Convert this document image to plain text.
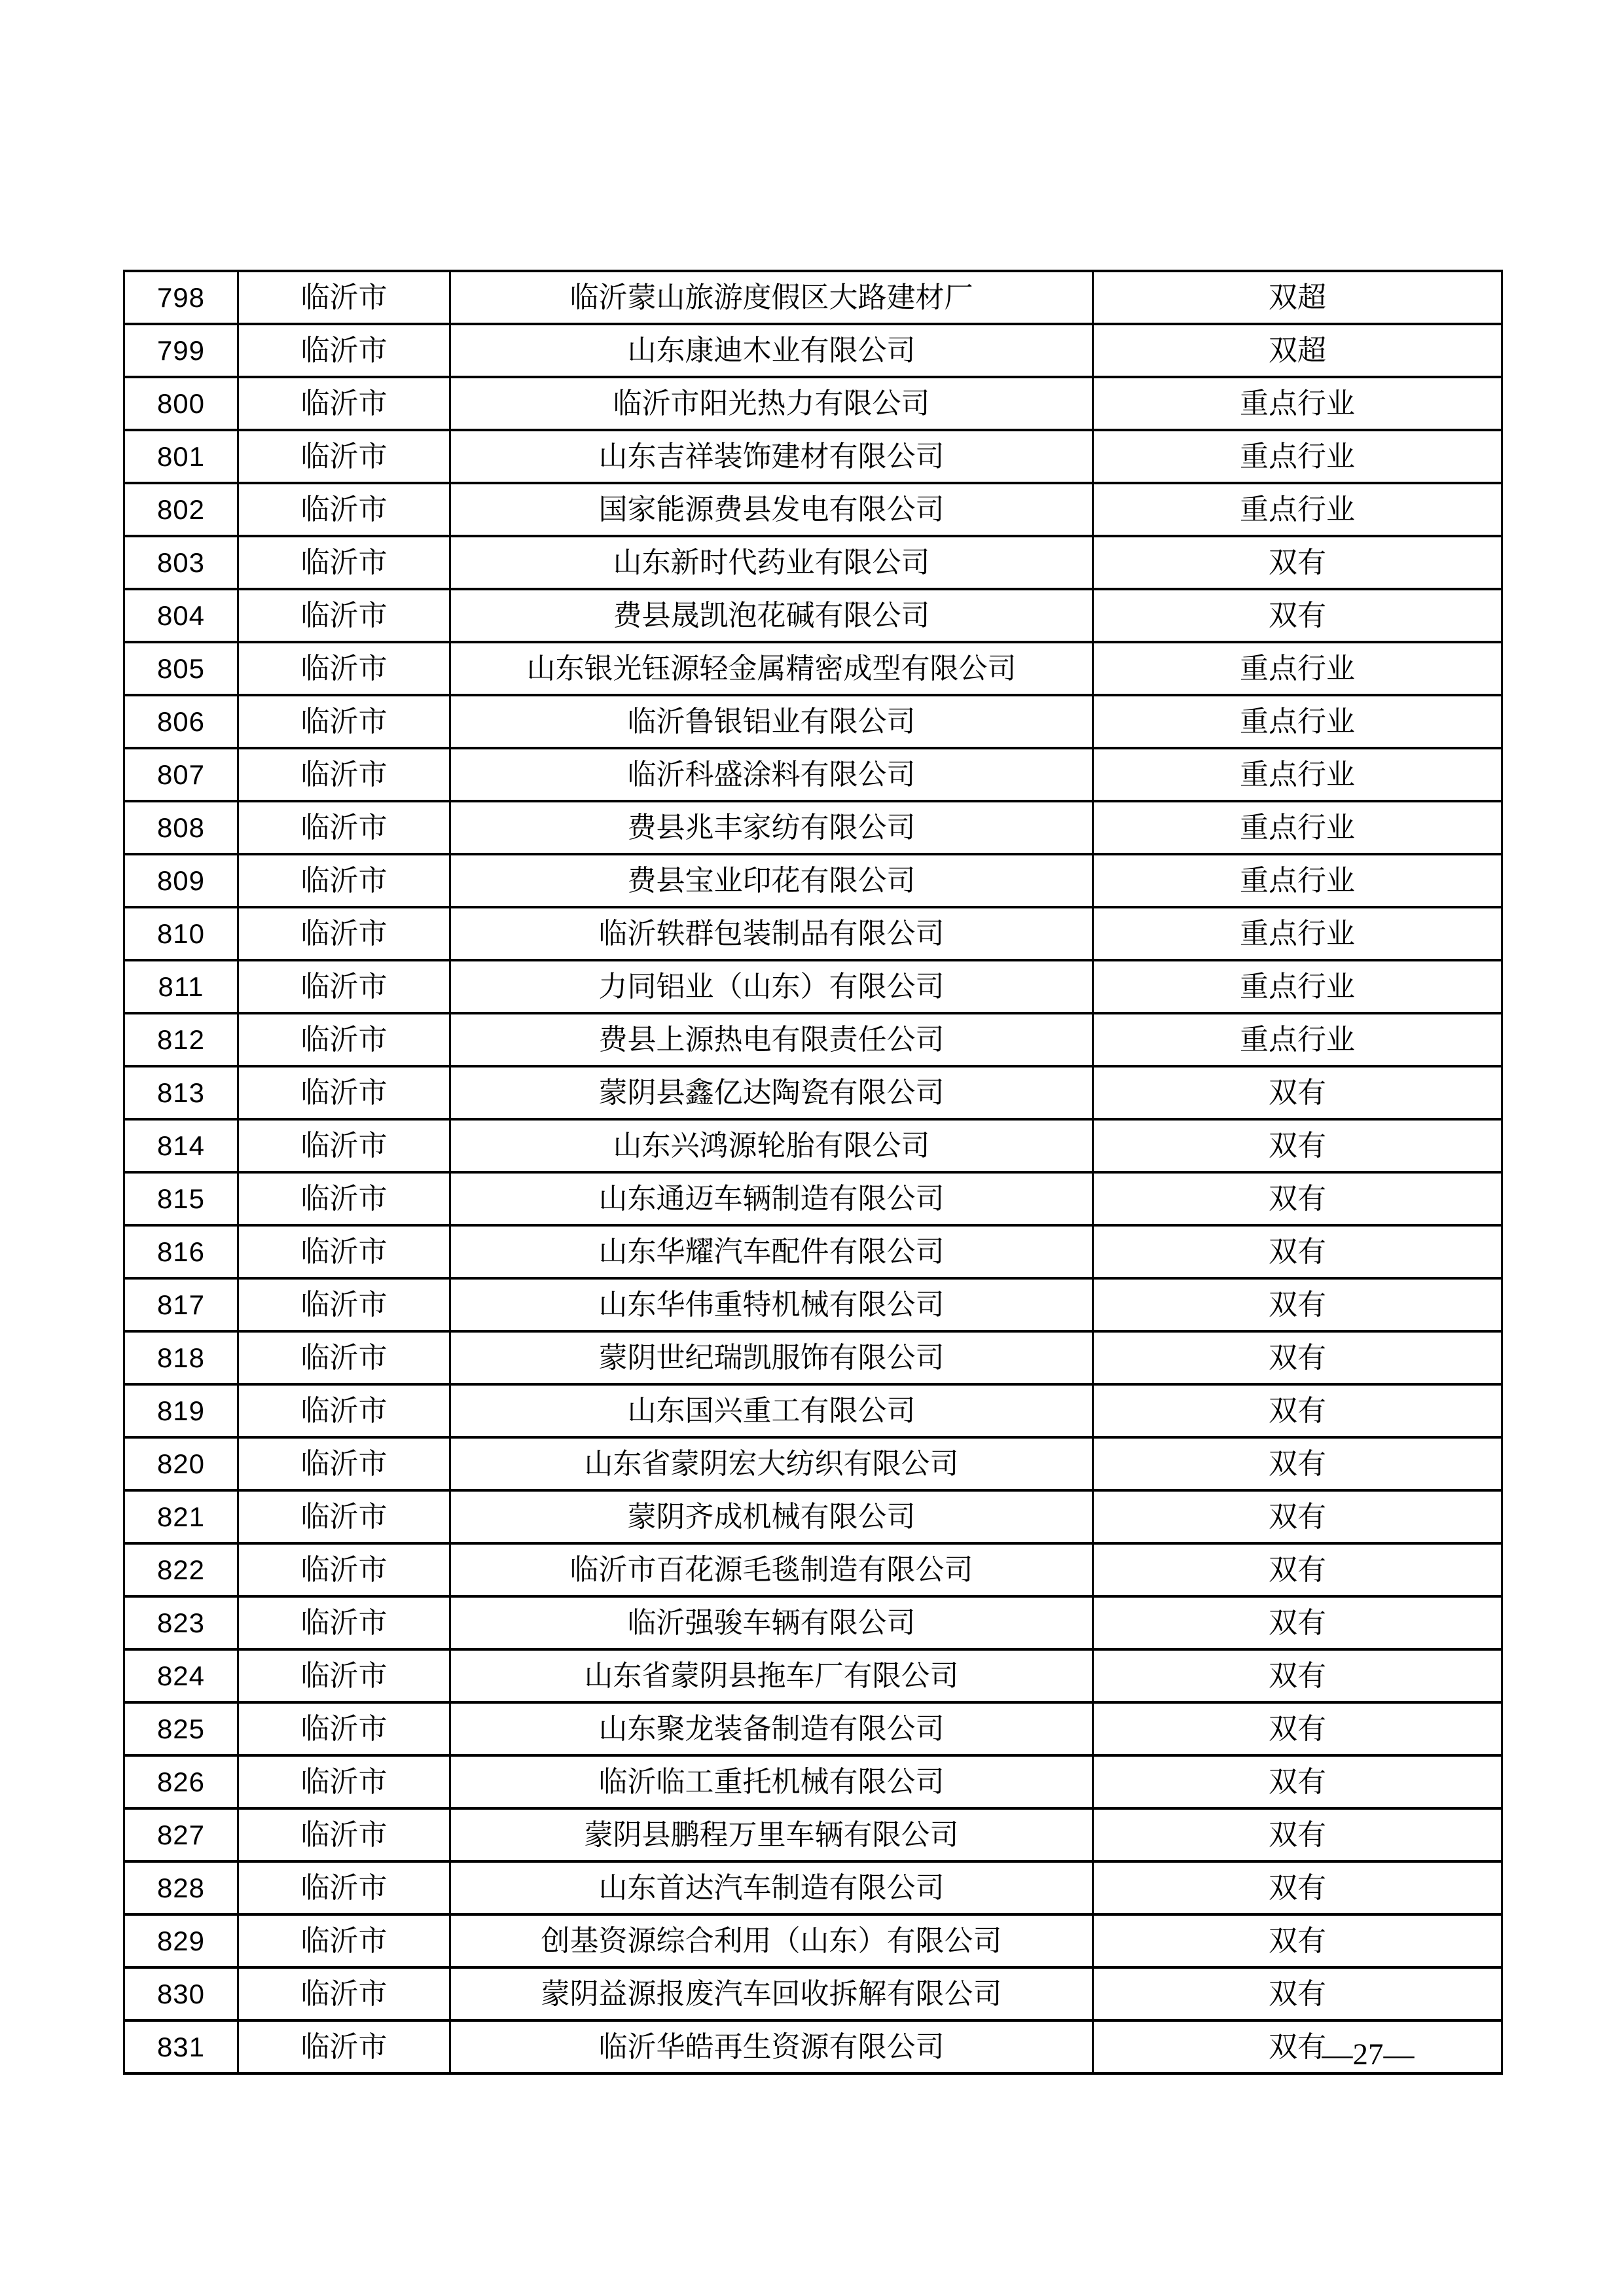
798	临沂市	临沂蒙山旅游度假区大路建材厂	双超
799	临沂市	山东康迪木业有限公司	双超
800	临沂市	临沂市阳光热力有限公司	重点行业
801	临沂市	山东吉祥装饰建材有限公司	重点行业
802	临沂市	国家能源费县发电有限公司	重点行业
803	临沂市	山东新时代药业有限公司	双有
804	临沂市	费县晟凯泡花碱有限公司	双有
805	临沂市	山东银光钰源轻金属精密成型有限公司	重点行业
806	临沂市	临沂鲁银铝业有限公司	重点行业
807	临沂市	临沂科盛涂料有限公司	重点行业
808	临沂市	费县兆丰家纺有限公司	重点行业
809	临沂市	费县宝业印花有限公司	重点行业
810	临沂市	临沂轶群包装制品有限公司	重点行业
811	临沂市	力同铝业（山东）有限公司	重点行业
812	临沂市	费县上源热电有限责任公司	重点行业
813	临沂市	蒙阴县鑫亿达陶瓷有限公司	双有
814	临沂市	山东兴鸿源轮胎有限公司	双有
815	临沂市	山东通迈车辆制造有限公司	双有
816	临沂市	山东华耀汽车配件有限公司	双有
817	临沂市	山东华伟重特机械有限公司	双有
818	临沂市	蒙阴世纪瑞凯服饰有限公司	双有
819	临沂市	山东国兴重工有限公司	双有
820	临沂市	山东省蒙阴宏大纺织有限公司	双有
821	临沂市	蒙阴齐成机械有限公司	双有
822	临沂市	临沂市百花源毛毯制造有限公司	双有
823	临沂市	临沂强骏车辆有限公司	双有
824	临沂市	山东省蒙阴县拖车厂有限公司	双有
825	临沂市	山东聚龙装备制造有限公司	双有
826	临沂市	临沂临工重托机械有限公司	双有
827	临沂市	蒙阴县鹏程万里车辆有限公司	双有
828	临沂市	山东首达汽车制造有限公司	双有
829	临沂市	创基资源综合利用（山东）有限公司	双有
830	临沂市	蒙阴益源报废汽车回收拆解有限公司	双有
831	临沂市	临沂华皓再生资源有限公司	双有
—27—
